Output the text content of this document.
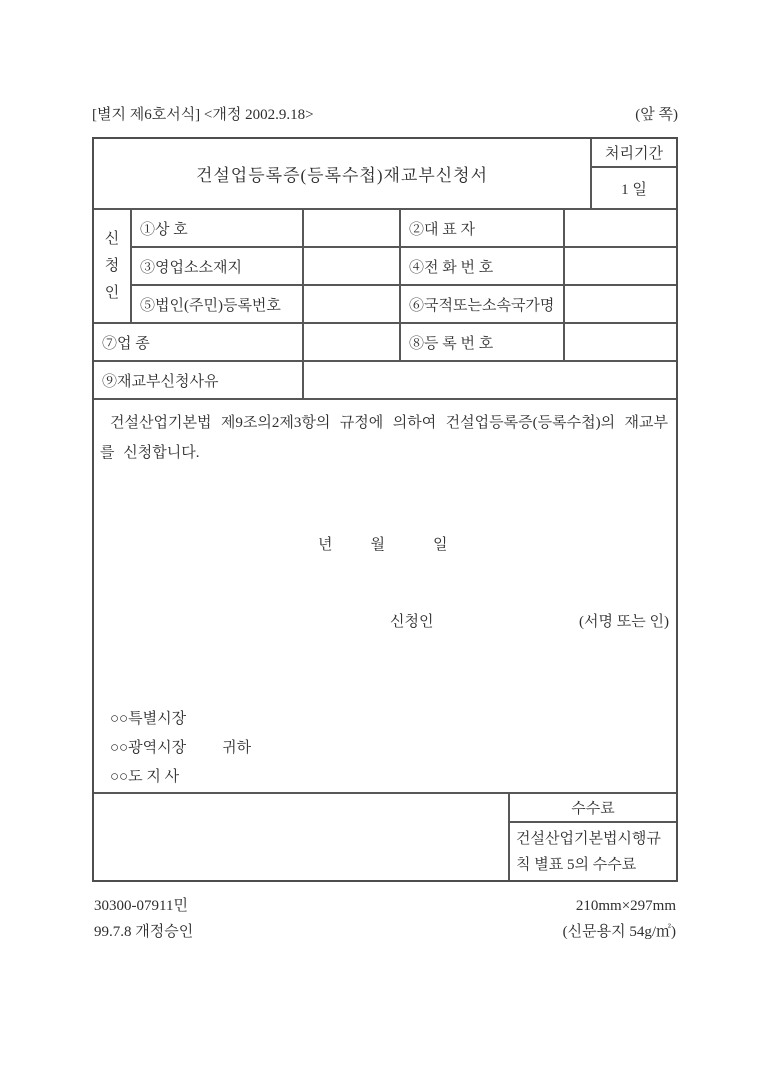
[별지 제6호서식] <개정 2002.9.18>	(앞 쪽)
건설업등록증(등록수첩)재교부신청서
처리기간
1 일
신청인
①상 호	②대 표 자
③영업소소재지	④전 화 번 호
⑤법인(주민)등록번호	⑥국적또는소속국가명
⑦업 종	⑧등 록 번 호
⑨재교부신청사유
건설산업기본법 제9조의2제3항의 규정에 의하여 건설업등록증(등록수첩)의 재교부를 신청합니다.
년	월	일
신청인	(서명 또는 인)
○○특별시장
○○광역시장 귀하
○○도 지 사
수수료
건설산업기본법시행규칙 별표 5의 수수료
30300-07911민
99.7.8 개정승인
210mm×297mm
(신문용지 54g/㎡)
